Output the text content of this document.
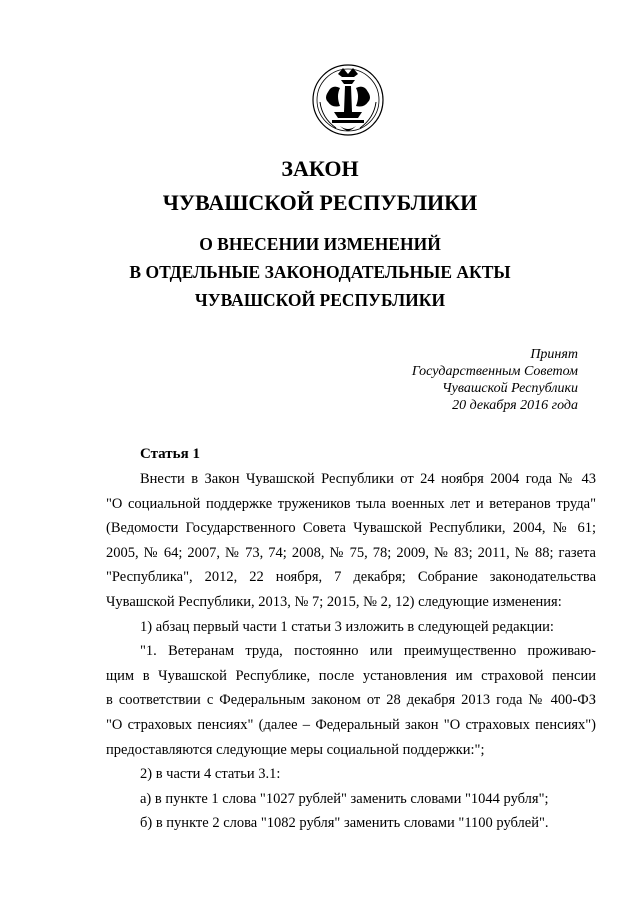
ЗАКОН
ЧУВАШСКОЙ РЕСПУБЛИКИ
О ВНЕСЕНИИ ИЗМЕНЕНИЙ
В ОТДЕЛЬНЫЕ ЗАКОНОДАТЕЛЬНЫЕ АКТЫ
ЧУВАШСКОЙ РЕСПУБЛИКИ
Принят
Государственным Советом
Чувашской Республики
20 декабря 2016 года
Статья 1
Внести в Закон Чувашской Республики от 24 ноября 2004 года № 43
"О социальной поддержке тружеников тыла военных лет и ветеранов труда"
(Ведомости Государственного Совета Чувашской Республики, 2004, № 61;
2005, № 64; 2007, № 73, 74; 2008, № 75, 78; 2009, № 83; 2011, № 88; газета
"Республика", 2012, 22 ноября, 7 декабря; Собрание законодательства
Чувашской Республики, 2013, № 7; 2015, № 2, 12) следующие изменения:
1) абзац первый части 1 статьи 3 изложить в следующей редакции:
"1. Ветеранам труда, постоянно или преимущественно проживаю-
щим в Чувашской Республике, после установления им страховой пенсии
в соответствии с Федеральным законом от 28 декабря 2013 года № 400-ФЗ
"О страховых пенсиях" (далее – Федеральный закон "О страховых пенсиях")
предоставляются следующие меры социальной поддержки:";
2) в части 4 статьи 3.1:
а) в пункте 1 слова "1027 рублей" заменить словами "1044 рубля";
б) в пункте 2 слова "1082 рубля" заменить словами "1100 рублей".
